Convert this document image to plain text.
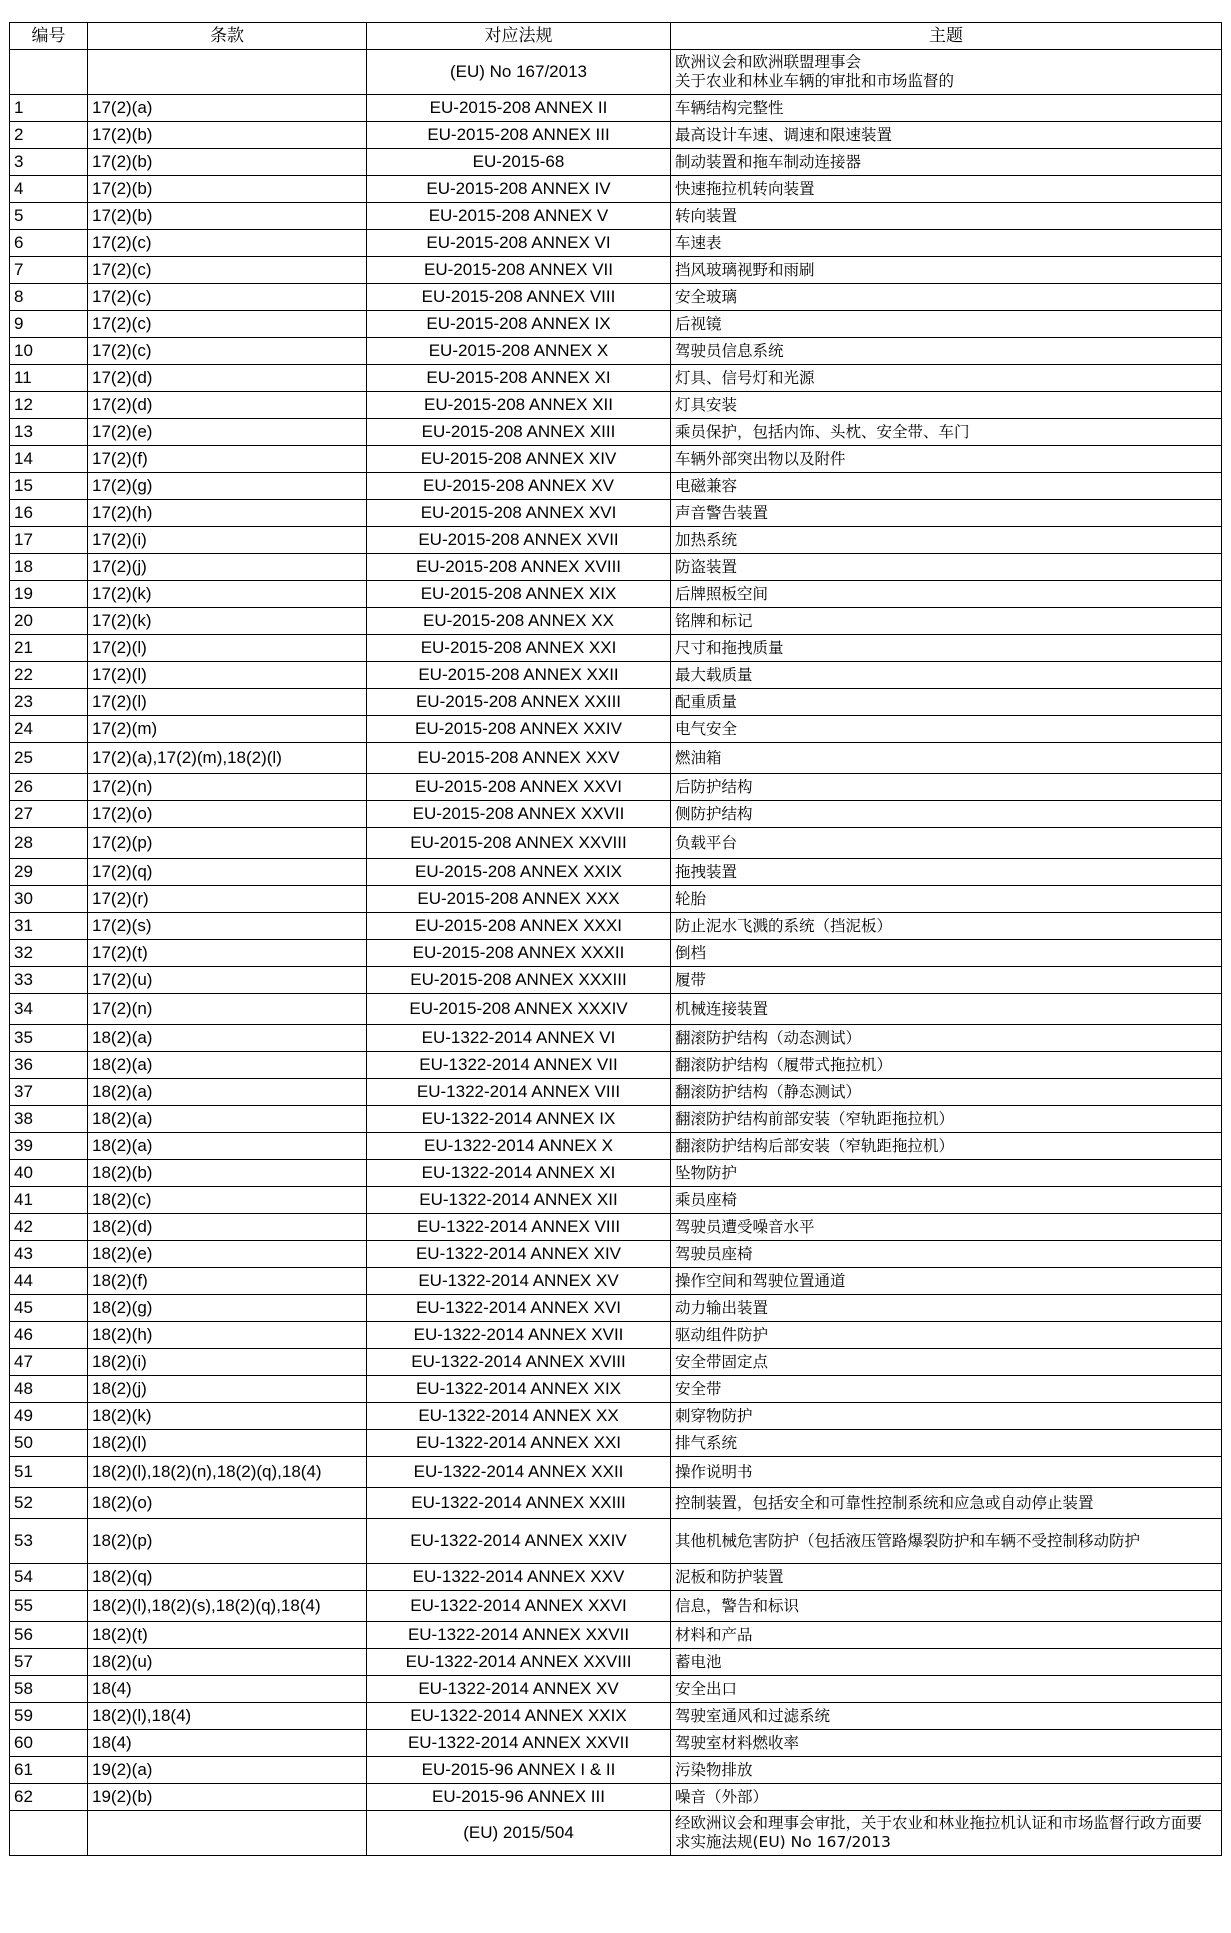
编号	条款	对应法规	主题
		(EU) No 167/2013	欧洲议会和欧洲联盟理事会
关于农业和林业车辆的审批和市场监督的

1	17(2)(a)	EU-2015-208 ANNEX II	车辆结构完整性
2	17(2)(b)	EU-2015-208 ANNEX III	最高设计车速、调速和限速装置
3	17(2)(b)	EU-2015-68	制动装置和拖车制动连接器
4	17(2)(b)	EU-2015-208 ANNEX IV	快速拖拉机转向装置
5	17(2)(b)	EU-2015-208 ANNEX V	转向装置
6	17(2)(c)	EU-2015-208 ANNEX VI	车速表
7	17(2)(c)	EU-2015-208 ANNEX VII	挡风玻璃视野和雨刷
8	17(2)(c)	EU-2015-208 ANNEX VIII	安全玻璃
9	17(2)(c)	EU-2015-208 ANNEX IX	后视镜
10	17(2)(c)	EU-2015-208 ANNEX X	驾驶员信息系统
11	17(2)(d)	EU-2015-208 ANNEX XI	灯具、信号灯和光源
12	17(2)(d)	EU-2015-208 ANNEX XII	灯具安装
13	17(2)(e)	EU-2015-208 ANNEX XIII	乘员保护，包括内饰、头枕、安全带、车门
14	17(2)(f)	EU-2015-208 ANNEX XIV	车辆外部突出物以及附件
15	17(2)(g)	EU-2015-208 ANNEX XV	电磁兼容
16	17(2)(h)	EU-2015-208 ANNEX XVI	声音警告装置
17	17(2)(i)	EU-2015-208 ANNEX XVII	加热系统
18	17(2)(j)	EU-2015-208 ANNEX XVIII	防盗装置
19	17(2)(k)	EU-2015-208 ANNEX XIX	后牌照板空间
20	17(2)(k)	EU-2015-208 ANNEX XX	铭牌和标记
21	17(2)(l)	EU-2015-208 ANNEX XXI	尺寸和拖拽质量
22	17(2)(l)	EU-2015-208 ANNEX XXII	最大载质量
23	17(2)(l)	EU-2015-208 ANNEX XXIII	配重质量
24	17(2)(m)	EU-2015-208 ANNEX XXIV	电气安全
25	17(2)(a),17(2)(m),18(2)(l)	EU-2015-208 ANNEX XXV	燃油箱
26	17(2)(n)	EU-2015-208 ANNEX XXVI	后防护结构
27	17(2)(o)	EU-2015-208 ANNEX XXVII	侧防护结构
28	17(2)(p)	EU-2015-208 ANNEX XXVIII	负载平台
29	17(2)(q)	EU-2015-208 ANNEX XXIX	拖拽装置
30	17(2)(r)	EU-2015-208 ANNEX XXX	轮胎
31	17(2)(s)	EU-2015-208 ANNEX XXXI	防止泥水飞溅的系统（挡泥板）
32	17(2)(t)	EU-2015-208 ANNEX XXXII	倒档
33	17(2)(u)	EU-2015-208 ANNEX XXXIII	履带
34	17(2)(n)	EU-2015-208 ANNEX XXXIV	机械连接装置
35	18(2)(a)	EU-1322-2014 ANNEX VI	翻滚防护结构（动态测试）
36	18(2)(a)	EU-1322-2014 ANNEX VII	翻滚防护结构（履带式拖拉机）
37	18(2)(a)	EU-1322-2014 ANNEX VIII	翻滚防护结构（静态测试）
38	18(2)(a)	EU-1322-2014 ANNEX IX	翻滚防护结构前部安装（窄轨距拖拉机）
39	18(2)(a)	EU-1322-2014 ANNEX X	翻滚防护结构后部安装（窄轨距拖拉机）
40	18(2)(b)	EU-1322-2014 ANNEX XI	坠物防护
41	18(2)(c)	EU-1322-2014 ANNEX XII	乘员座椅
42	18(2)(d)	EU-1322-2014 ANNEX VIII	驾驶员遭受噪音水平
43	18(2)(e)	EU-1322-2014 ANNEX XIV	驾驶员座椅
44	18(2)(f)	EU-1322-2014 ANNEX XV	操作空间和驾驶位置通道
45	18(2)(g)	EU-1322-2014 ANNEX XVI	动力输出装置
46	18(2)(h)	EU-1322-2014 ANNEX XVII	驱动组件防护
47	18(2)(i)	EU-1322-2014 ANNEX XVIII	安全带固定点
48	18(2)(j)	EU-1322-2014 ANNEX XIX	安全带
49	18(2)(k)	EU-1322-2014 ANNEX XX	刺穿物防护
50	18(2)(l)	EU-1322-2014 ANNEX XXI	排气系统
51	18(2)(l),18(2)(n),18(2)(q),18(4)	EU-1322-2014 ANNEX XXII	操作说明书
52	18(2)(o)	EU-1322-2014 ANNEX XXIII	控制装置，包括安全和可靠性控制系统和应急或自动停止装置
53	18(2)(p)	EU-1322-2014 ANNEX XXIV	其他机械危害防护（包括液压管路爆裂防护和车辆不受控制移动防护
54	18(2)(q)	EU-1322-2014 ANNEX XXV	泥板和防护装置
55	18(2)(l),18(2)(s),18(2)(q),18(4)	EU-1322-2014 ANNEX XXVI	信息，警告和标识
56	18(2)(t)	EU-1322-2014 ANNEX XXVII	材料和产品
57	18(2)(u)	EU-1322-2014 ANNEX XXVIII	蓄电池
58	18(4)	EU-1322-2014 ANNEX XV	安全出口
59	18(2)(l),18(4)	EU-1322-2014 ANNEX XXIX	驾驶室通风和过滤系统
60	18(4)	EU-1322-2014 ANNEX XXVII	驾驶室材料燃收率
61	19(2)(a)	EU-2015-96 ANNEX I & II	污染物排放
62	19(2)(b)	EU-2015-96 ANNEX III	噪音（外部）
		(EU) 2015/504	经欧洲议会和理事会审批，关于农业和林业拖拉机认证和市场监督行政方面要求实施法规(EU) No 167/2013
